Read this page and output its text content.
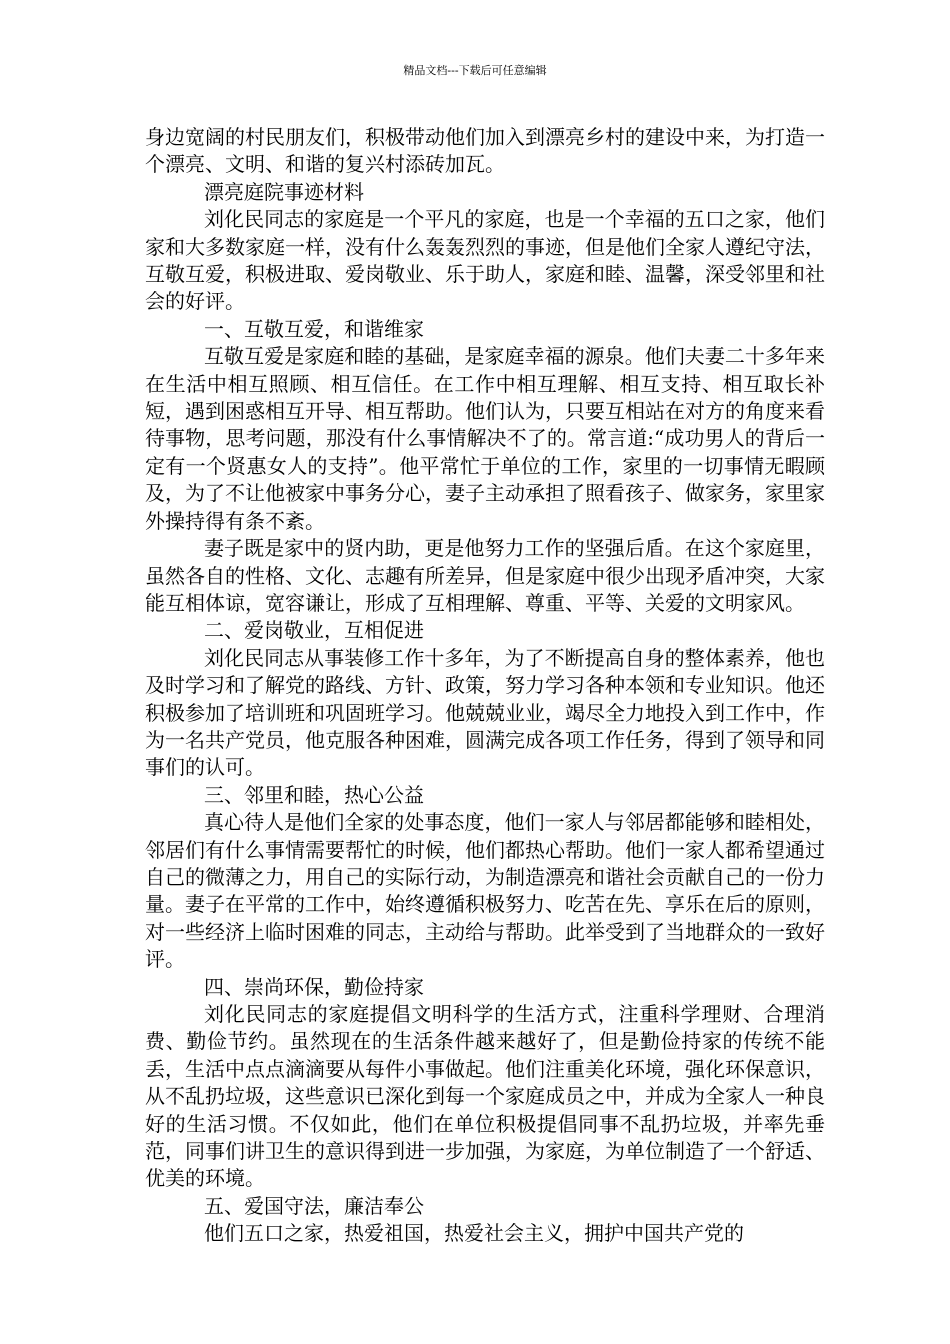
精品文档---下载后可任意编辑

身边宽阔的村民朋友们，积极带动他们加入到漂亮乡村的建设中来，为打造一个漂亮、文明、和谐的复兴村添砖加瓦。

漂亮庭院事迹材料

刘化民同志的家庭是一个平凡的家庭，也是一个幸福的五口之家，他们家和大多数家庭一样，没有什么轰轰烈烈的事迹，但是他们全家人遵纪守法，互敬互爱，积极进取、爱岗敬业、乐于助人，家庭和睦、温馨，深受邻里和社会的好评。

一、互敬互爱，和谐维家

互敬互爱是家庭和睦的基础，是家庭幸福的源泉。他们夫妻二十多年来在生活中相互照顾、相互信任。在工作中相互理解、相互支持、相互取长补短，遇到困惑相互开导、相互帮助。他们认为，只要互相站在对方的角度来看待事物，思考问题，那没有什么事情解决不了的。常言道:“成功男人的背后一定有一个贤惠女人的支持”。他平常忙于单位的工作，家里的一切事情无暇顾及，为了不让他被家中事务分心，妻子主动承担了照看孩子、做家务，家里家外操持得有条不紊。

妻子既是家中的贤内助，更是他努力工作的坚强后盾。在这个家庭里，虽然各自的性格、文化、志趣有所差异，但是家庭中很少出现矛盾冲突，大家能互相体谅，宽容谦让，形成了互相理解、尊重、平等、关爱的文明家风。

二、爱岗敬业，互相促进

刘化民同志从事装修工作十多年，为了不断提高自身的整体素养，他也及时学习和了解党的路线、方针、政策，努力学习各种本领和专业知识。他还积极参加了培训班和巩固班学习。他兢兢业业，竭尽全力地投入到工作中，作为一名共产党员，他克服各种困难，圆满完成各项工作任务，得到了领导和同事们的认可。

三、邻里和睦，热心公益

真心待人是他们全家的处事态度，他们一家人与邻居都能够和睦相处，邻居们有什么事情需要帮忙的时候，他们都热心帮助。他们一家人都希望通过自己的微薄之力，用自己的实际行动，为制造漂亮和谐社会贡献自己的一份力量。妻子在平常的工作中，始终遵循积极努力、吃苦在先、享乐在后的原则，对一些经济上临时困难的同志，主动给与帮助。此举受到了当地群众的一致好评。

四、崇尚环保，勤俭持家

刘化民同志的家庭提倡文明科学的生活方式，注重科学理财、合理消费、勤俭节约。虽然现在的生活条件越来越好了，但是勤俭持家的传统不能丢，生活中点点滴滴要从每件小事做起。他们注重美化环境，强化环保意识，从不乱扔垃圾，这些意识已深化到每一个家庭成员之中，并成为全家人一种良好的生活习惯。不仅如此，他们在单位积极提倡同事不乱扔垃圾，并率先垂范，同事们讲卫生的意识得到进一步加强，为家庭，为单位制造了一个舒适、优美的环境。

五、爱国守法，廉洁奉公

他们五口之家，热爱祖国，热爱社会主义，拥护中国共产党的
